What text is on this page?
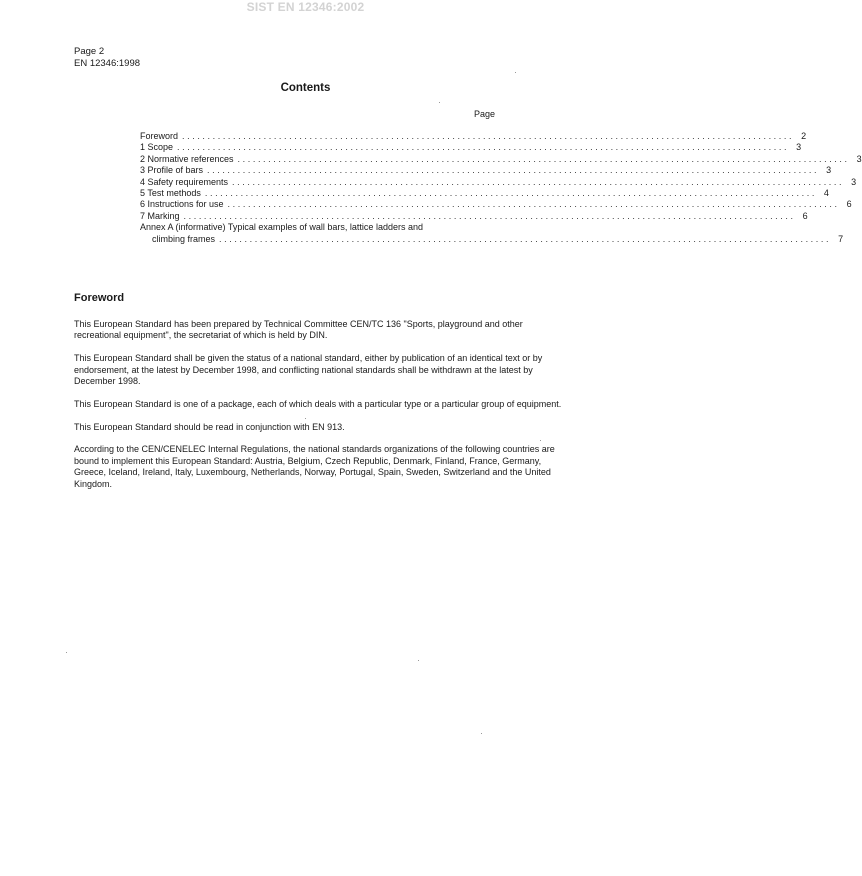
SIST EN 12346:2002
Page 2
EN 12346:1998
Contents
Page
Foreword ........................................................................................................................ 2
1 Scope ........................................................................................................................ 3
2 Normative references ........................................................................................................................ 3
3 Profile of bars ........................................................................................................................ 3
4 Safety requirements ........................................................................................................................ 3
5 Test methods ........................................................................................................................ 4
6 Instructions for use ........................................................................................................................ 6
7 Marking ........................................................................................................................ 6
Annex A (informative) Typical examples of wall bars, lattice ladders and
climbing frames ........................................................................................................................ 7
Foreword

This European Standard has been prepared by Technical Committee CEN/TC 136 "Sports, playground and other recreational equipment", the secretariat of which is held by DIN.

This European Standard shall be given the status of a national standard, either by publication of an identical text or by endorsement, at the latest by December 1998, and conflicting national standards shall be withdrawn at the latest by December 1998.

This European Standard is one of a package, each of which deals with a particular type or a particular group of equipment.

This European Standard should be read in conjunction with EN 913.

According to the CEN/CENELEC Internal Regulations, the national standards organizations of the following countries are bound to implement this European Standard: Austria, Belgium, Czech Republic, Denmark, Finland, France, Germany, Greece, Iceland, Ireland, Italy, Luxembourg, Netherlands, Norway, Portugal, Spain, Sweden, Switzerland and the United Kingdom.
